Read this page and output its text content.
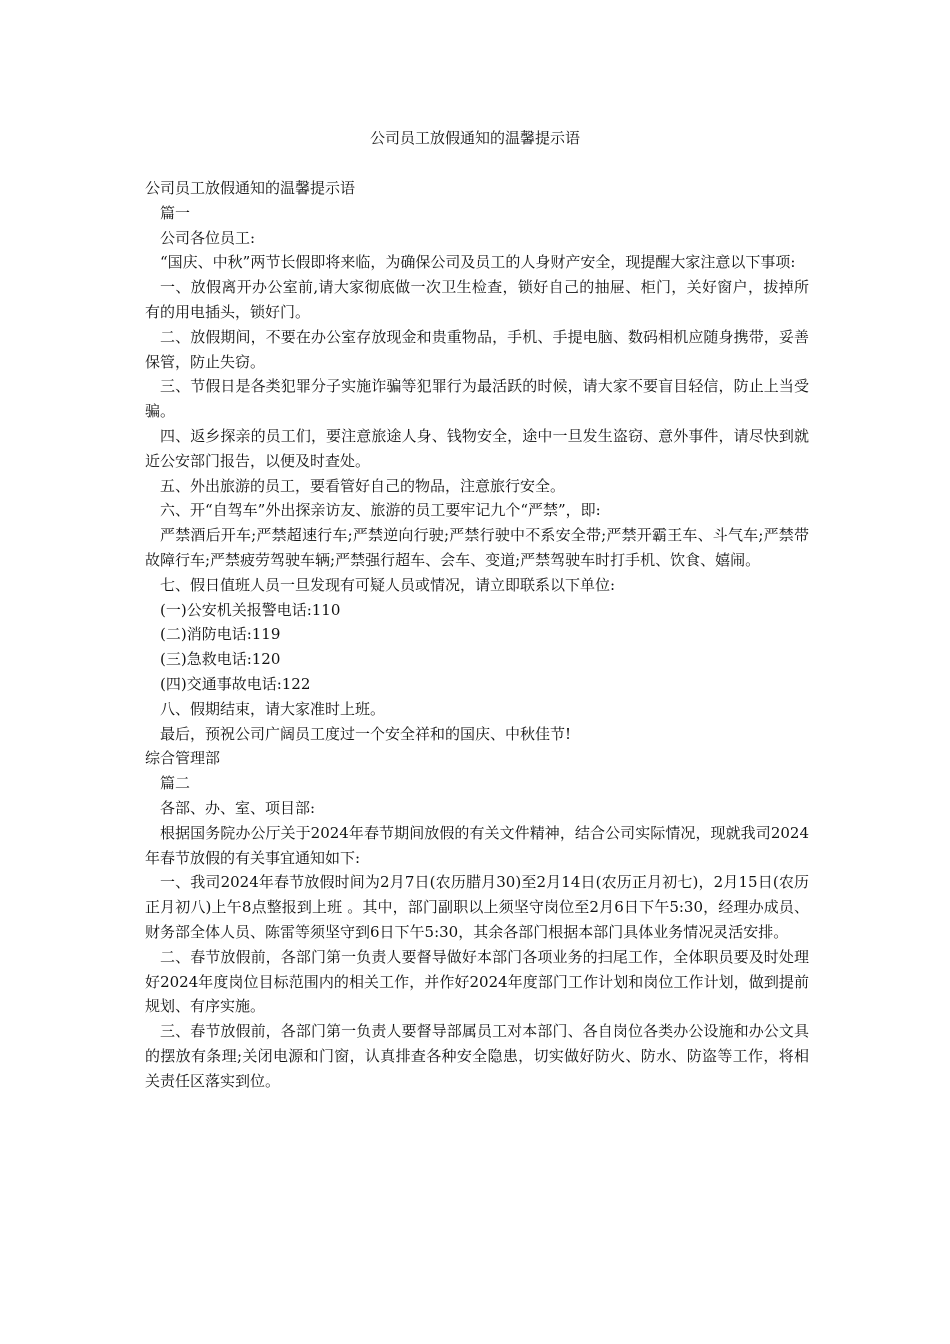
公司员工放假通知的温馨提示语

公司员工放假通知的温馨提示语

篇一

公司各位员工:

“国庆、中秋”两节长假即将来临，为确保公司及员工的人身财产安全，现提醒大家注意以下事项:

一、放假离开办公室前,请大家彻底做一次卫生检查，锁好自己的抽屉、柜门，关好窗户，拔掉所有的用电插头，锁好门。

二、放假期间，不要在办公室存放现金和贵重物品，手机、手提电脑、数码相机应随身携带，妥善保管，防止失窃。

三、节假日是各类犯罪分子实施诈骗等犯罪行为最活跃的时候，请大家不要盲目轻信，防止上当受骗。

四、返乡探亲的员工们，要注意旅途人身、钱物安全，途中一旦发生盗窃、意外事件，请尽快到就近公安部门报告，以便及时查处。

五、外出旅游的员工，要看管好自己的物品，注意旅行安全。

六、开“自驾车”外出探亲访友、旅游的员工要牢记九个“严禁”，即:

严禁酒后开车;严禁超速行车;严禁逆向行驶;严禁行驶中不系安全带;严禁开霸王车、斗气车;严禁带故障行车;严禁疲劳驾驶车辆;严禁强行超车、会车、变道;严禁驾驶车时打手机、饮食、嬉闹。

七、假日值班人员一旦发现有可疑人员或情况，请立即联系以下单位:

(一)公安机关报警电话:110

(二)消防电话:119

(三)急救电话:120

(四)交通事故电话:122

八、假期结束，请大家准时上班。

最后，预祝公司广阔员工度过一个安全祥和的国庆、中秋佳节!

综合管理部

篇二

各部、办、室、项目部:

根据国务院办公厅关于2024年春节期间放假的有关文件精神，结合公司实际情况，现就我司2024年春节放假的有关事宜通知如下:

一、我司2024年春节放假时间为2月7日(农历腊月30)至2月14日(农历正月初七)，2月15日(农历正月初八)上午8点整报到上班 。其中，部门副职以上须坚守岗位至2月6日下午5:30，经理办成员、财务部全体人员、陈雷等须坚守到6日下午5:30，其余各部门根据本部门具体业务情况灵活安排。

二、春节放假前，各部门第一负责人要督导做好本部门各项业务的扫尾工作，全体职员要及时处理好2024年度岗位目标范围内的相关工作，并作好2024年度部门工作计划和岗位工作计划，做到提前规划、有序实施。

三、春节放假前，各部门第一负责人要督导部属员工对本部门、各自岗位各类办公设施和办公文具的摆放有条理;关闭电源和门窗，认真排查各种安全隐患，切实做好防火、防水、防盗等工作，将相关责任区落实到位。
